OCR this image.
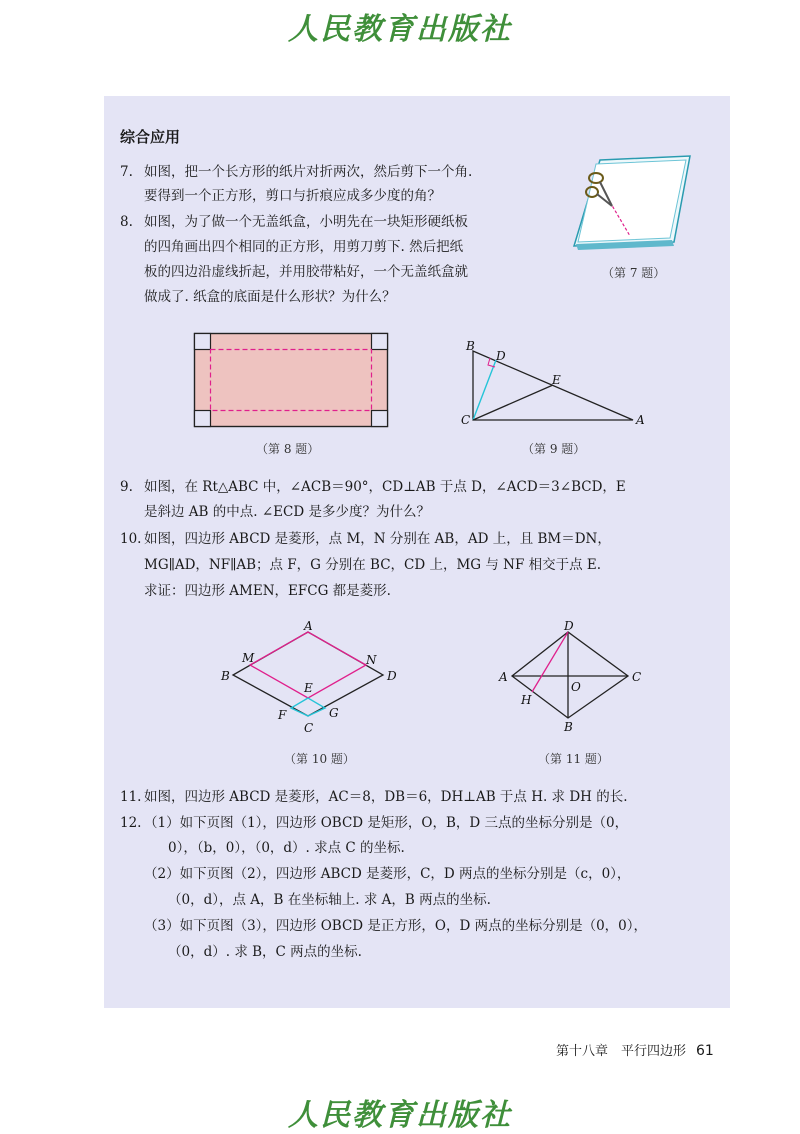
人民教育出版社
综合应用
7. 如图，把一个长方形的纸片对折两次，然后剪下一个角.
要得到一个正方形，剪口与折痕应成多少度的角？
8. 如图，为了做一个无盖纸盒，小明先在一块矩形硬纸板
的四角画出四个相同的正方形，用剪刀剪下. 然后把纸
板的四边沿虚线折起，并用胶带粘好，一个无盖纸盒就
做成了. 纸盒的底面是什么形状？为什么？
（第 7 题）
（第 8 题）
B
D
E
C	A
（第 9 题）
9. 如图，在 Rt△ABC 中，∠ACB＝90°，CD⊥AB 于点 D，∠ACD＝3∠BCD，E
是斜边 AB 的中点. ∠ECD 是多少度？为什么？
10. 如图，四边形 ABCD 是菱形，点 M，N 分别在 AB，AD 上，且 BM＝DN，
MG∥AD，NF∥AB；点 F，G 分别在 BC，CD 上，MG 与 NF 相交于点 E.
求证：四边形 AMEN，EFCG 都是菱形.
A
M	N
B	D
E
F	G
C
（第 10 题）
D
A
O
C
H
B
（第 11 题）
11. 如图，四边形 ABCD 是菱形，AC＝8，DB＝6，DH⊥AB 于点 H. 求 DH 的长.
12. （1）如下页图（1），四边形 OBCD 是矩形，O，B，D 三点的坐标分别是（0，
0），（b，0），（0，d）. 求点 C 的坐标.
（2）如下页图（2），四边形 ABCD 是菱形，C，D 两点的坐标分别是（c，0），
（0，d），点 A，B 在坐标轴上. 求 A，B 两点的坐标.
（3）如下页图（3），四边形 OBCD 是正方形，O，D 两点的坐标分别是（0，0），
（0，d）. 求 B，C 两点的坐标.
第十八章　平行四边形 61
人民教育出版社
